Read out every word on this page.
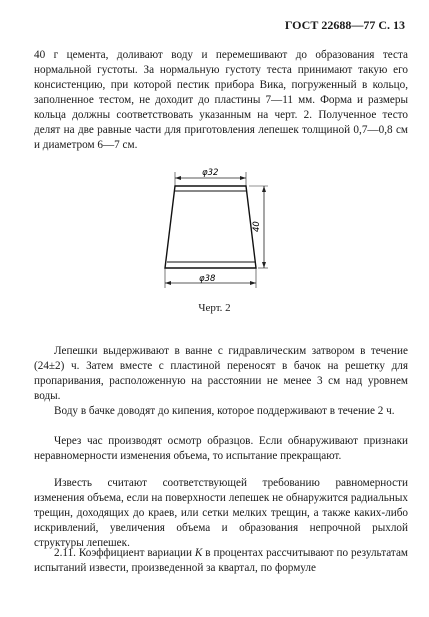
ГОСТ 22688—77 С. 13

40 г цемента, доливают воду и перемешивают до образования теста нормальной густоты. За нормальную густоту теста принимают такую его консистенцию, при которой пестик прибора Вика, погруженный в кольцо, заполненное тестом, не доходит до пластины 7—11 мм. Форма и размеры кольца должны соответствовать указанным на черт. 2. Полученное тесто делят на две равные части для приготовления лепешек толщиной 0,7—0,8 см и диаметром 6—7 см.

φ32
40
φ38
Черт. 2

Лепешки выдерживают в ванне с гидравлическим затвором в течение (24±2) ч. Затем вместе с пластиной переносят в бачок на решетку для пропаривания, расположенную на расстоянии не менее 3 см над уровнем воды.

Воду в бачке доводят до кипения, которое поддерживают в течение 2 ч.

Через час производят осмотр образцов. Если обнаруживают признаки неравномерности изменения объема, то испытание прекращают.

Известь считают соответствующей требованию равномерности изменения объема, если на поверхности лепешек не обнаружится радиальных трещин, доходящих до краев, или сетки мелких трещин, а также каких-либо искривлений, увеличения объема и образования непрочной рыхлой структуры лепешек.

2.11. Коэффициент вариации K в процентах рассчитывают по результатам испытаний извести, произведенной за квартал, по формуле
